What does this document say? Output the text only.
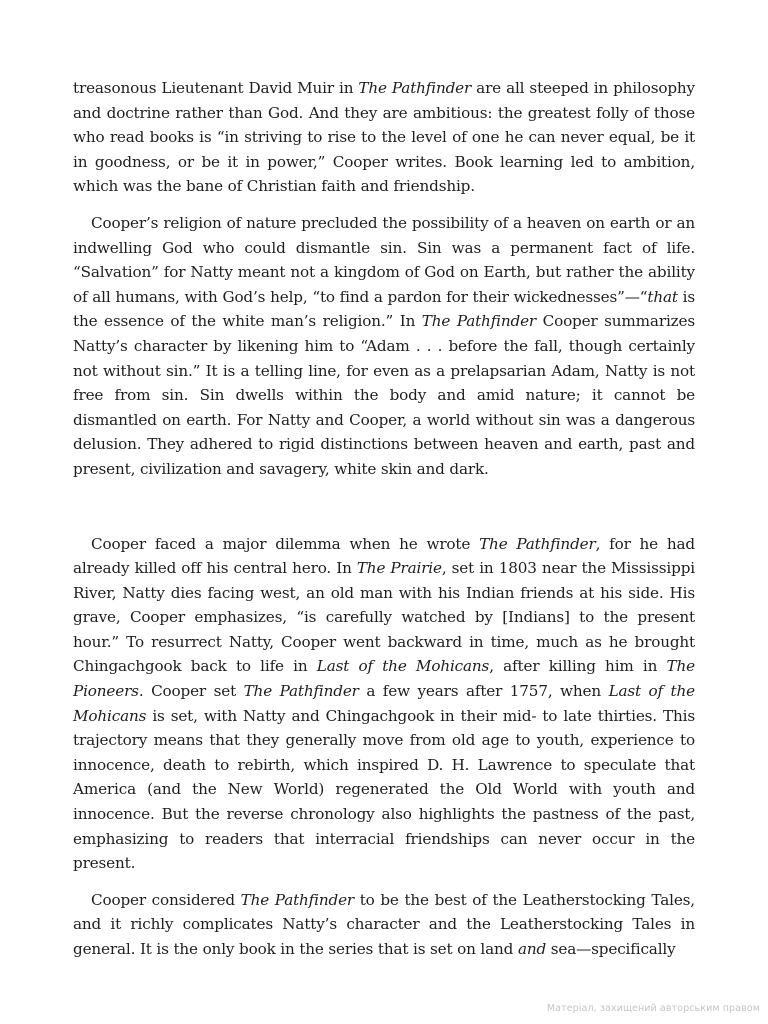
treasonous Lieutenant David Muir in The Pathfinder are all steeped in philosophy and doctrine rather than God. And they are ambitious: the greatest folly of those who read books is “in striving to rise to the level of one he can never equal, be it in goodness, or be it in power,” Cooper writes. Book learning led to ambition, which was the bane of Christian faith and friendship.

Cooper’s religion of nature precluded the possibility of a heaven on earth or an indwelling God who could dismantle sin. Sin was a permanent fact of life. “Salvation” for Natty meant not a kingdom of God on Earth, but rather the ability of all humans, with God’s help, “to find a pardon for their wickednesses”—“that is the essence of the white man’s religion.” In The Pathfinder Cooper summarizes Natty’s character by likening him to “Adam . . . before the fall, though certainly not without sin.” It is a telling line, for even as a prelapsarian Adam, Natty is not free from sin. Sin dwells within the body and amid nature; it cannot be dismantled on earth. For Natty and Cooper, a world without sin was a dangerous delusion. They adhered to rigid distinctions between heaven and earth, past and present, civilization and savagery, white skin and dark.

Cooper faced a major dilemma when he wrote The Pathfinder, for he had already killed off his central hero. In The Prairie, set in 1803 near the Mississippi River, Natty dies facing west, an old man with his Indian friends at his side. His grave, Cooper emphasizes, “is carefully watched by [Indians] to the present hour.” To resurrect Natty, Cooper went backward in time, much as he brought Chingachgook back to life in Last of the Mohicans, after killing him in The Pioneers. Cooper set The Pathfinder a few years after 1757, when Last of the Mohicans is set, with Natty and Chingachgook in their mid- to late thirties. This trajectory means that they generally move from old age to youth, experience to innocence, death to rebirth, which inspired D. H. Lawrence to speculate that America (and the New World) regenerated the Old World with youth and innocence. But the reverse chronology also highlights the pastness of the past, emphasizing to readers that interracial friendships can never occur in the present.

Cooper considered The Pathfinder to be the best of the Leatherstocking Tales, and it richly complicates Natty’s character and the Leatherstocking Tales in general. It is the only book in the series that is set on land and sea—specifically

Матеріал, захищений авторським правом
